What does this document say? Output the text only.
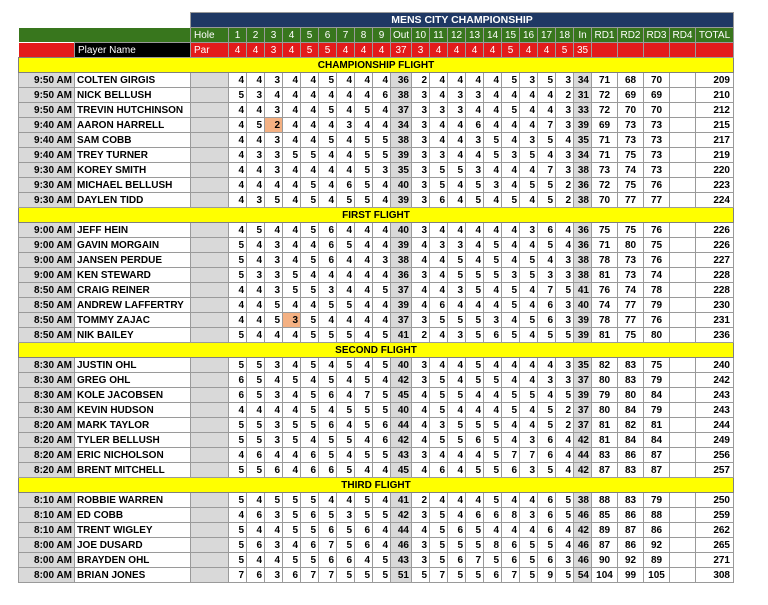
		MENS CITY CHAMPIONSHIP																									
		Hole	1	2	3	4	5	6	7	8	9	Out	10	11	12	13	14	15	16	17	18	In	RD1	RD2	RD3	RD4	TOTAL
	Player Name	Par	4	4	3	4	5	5	4	4	4	37	3	4	4	4	4	5	4	4	5	35					
CHAMPIONSHIP FLIGHT																											
9:50 AM	COLTEN GIRGIS		4	4	3	4	4	5	4	4	4	36	2	4	4	4	4	5	3	5	3	34	71	68	70		209
9:50 AM	NICK BELLUSH		5	3	4	4	4	4	4	4	6	38	3	4	3	3	4	4	4	4	2	31	72	69	69		210
9:50 AM	TREVIN HUTCHINSON		4	4	3	4	4	5	4	5	4	37	3	3	3	4	4	5	4	4	3	33	72	70	70		212
9:40 AM	AARON HARRELL		4	5	2	4	4	4	3	4	4	34	3	4	4	6	4	4	4	7	3	39	69	73	73		215
9:40 AM	SAM COBB		4	4	3	4	4	5	4	5	5	38	3	4	4	3	5	4	3	5	4	35	71	73	73		217
9:40 AM	TREY TURNER		4	3	3	5	5	4	4	5	5	39	3	3	4	4	5	3	5	4	3	34	71	75	73		219
9:30 AM	KOREY SMITH		4	4	3	4	4	4	4	5	3	35	3	5	5	3	4	4	4	7	3	38	73	74	73		220
9:30 AM	MICHAEL BELLUSH		4	4	4	4	5	4	6	5	4	40	3	5	4	5	3	4	5	5	2	36	72	75	76		223
9:30 AM	DAYLEN TIDD		4	3	5	4	5	4	5	5	4	39	3	6	4	5	4	5	4	5	2	38	70	77	77		224
FIRST FLIGHT																											
9:00 AM	JEFF HEIN		4	5	4	4	5	6	4	4	4	40	3	4	4	4	4	4	3	6	4	36	75	75	76		226
9:00 AM	GAVIN MORGAIN		5	4	3	4	4	6	5	4	4	39	4	3	3	4	5	4	4	5	4	36	71	80	75		226
9:00 AM	JANSEN PERDUE		5	4	3	4	5	6	4	4	3	38	4	4	5	4	5	4	5	4	3	38	78	73	76		227
9:00 AM	KEN STEWARD		5	3	3	5	4	4	4	4	4	36	3	4	5	5	5	3	5	3	3	38	81	73	74		228
8:50 AM	CRAIG REINER		4	4	3	5	5	3	4	4	5	37	4	4	3	5	4	5	4	7	5	41	76	74	78		228
8:50 AM	ANDREW LAFFERTRY		4	4	5	4	4	5	5	4	4	39	4	6	4	4	4	5	4	6	3	40	74	77	79		230
8:50 AM	TOMMY ZAJAC		4	4	5	3	5	4	4	4	4	37	3	5	5	5	3	4	5	6	3	39	78	77	76		231
8:50 AM	NIK BAILEY		5	4	4	4	5	5	5	4	5	41	2	4	3	5	6	5	4	5	5	39	81	75	80		236
SECOND FLIGHT																											
8:30 AM	JUSTIN OHL		5	5	3	4	5	4	5	4	5	40	3	4	4	5	4	4	4	4	3	35	82	83	75		240
8:30 AM	GREG OHL		6	5	4	5	4	5	4	5	4	42	3	5	4	5	5	4	4	3	3	37	80	83	79		242
8:30 AM	KOLE JACOBSEN		6	5	3	4	5	6	4	7	5	45	4	5	5	4	4	5	5	4	5	39	79	80	84		243
8:30 AM	KEVIN HUDSON		4	4	4	4	5	4	5	5	5	40	4	5	4	4	4	5	4	5	2	37	80	84	79		243
8:20 AM	MARK TAYLOR		5	5	3	5	5	6	4	5	6	44	4	3	5	5	5	4	4	5	2	37	81	82	81		244
8:20 AM	TYLER BELLUSH		5	5	3	5	4	5	5	4	6	42	4	5	5	6	5	4	3	6	4	42	81	84	84		249
8:20 AM	ERIC NICHOLSON		4	6	4	4	6	5	4	5	5	43	3	4	4	4	5	7	7	6	4	44	83	86	87		256
8:20 AM	BRENT MITCHELL		5	5	6	4	6	6	5	4	4	45	4	6	4	5	5	6	3	5	4	42	87	83	87		257
THIRD FLIGHT																											
8:10 AM	ROBBIE WARREN		5	4	5	5	5	4	4	5	4	41	2	4	4	4	5	4	4	6	5	38	88	83	79		250
8:10 AM	ED COBB		4	6	3	5	6	5	3	5	5	42	3	5	4	6	6	8	3	6	5	46	85	86	88		259
8:10 AM	TRENT WIGLEY		5	4	4	5	5	6	5	6	4	44	4	5	6	5	4	4	4	6	4	42	89	87	86		262
8:00 AM	JOE DUSARD		5	6	3	4	6	7	5	6	4	46	3	5	5	5	8	6	5	5	4	46	87	86	92		265
8:00 AM	BRAYDEN OHL		5	4	4	5	5	6	6	4	5	43	3	5	6	7	5	6	5	6	3	46	90	92	89		271
8:00 AM	BRIAN JONES		7	6	3	6	7	7	5	5	5	51	5	7	5	5	6	7	5	9	5	54	104	99	105		308
